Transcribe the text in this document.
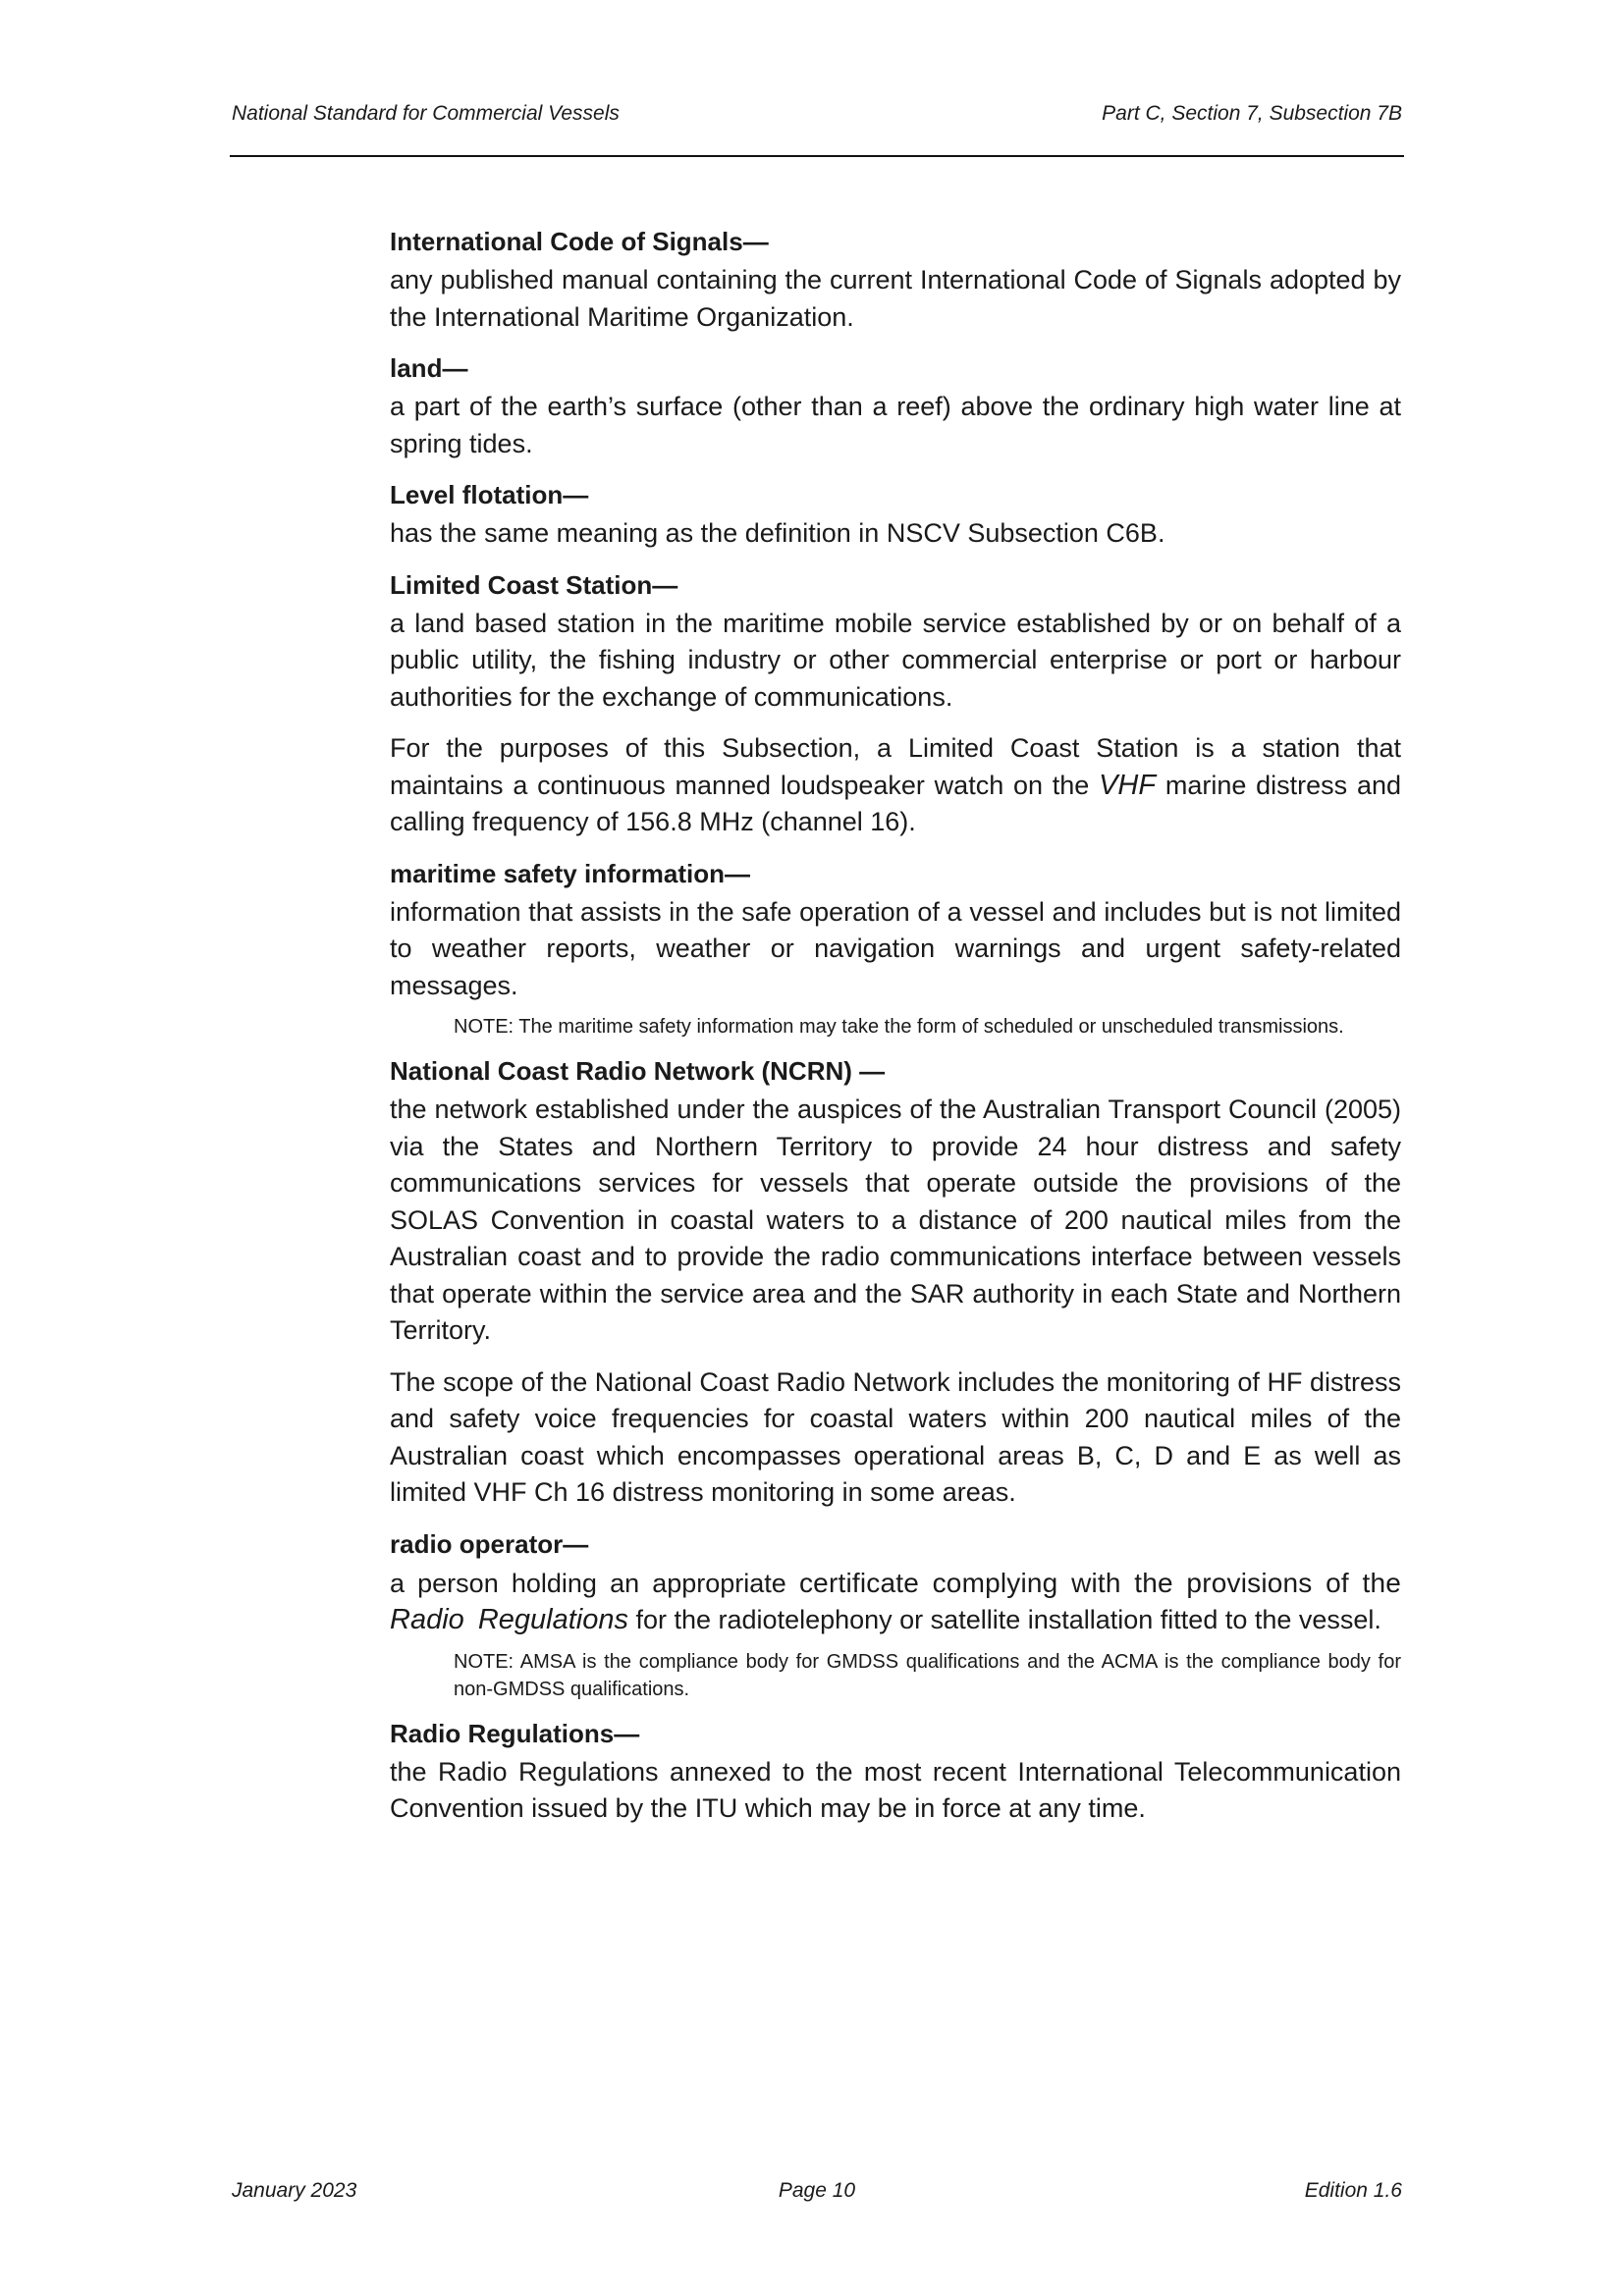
National Standard for Commercial Vessels	Part C, Section 7, Subsection 7B
International Code of Signals—

any published manual containing the current International Code of Signals adopted by the International Maritime Organization.

land—

a part of the earth’s surface (other than a reef) above the ordinary high water line at spring tides.

Level flotation—

has the same meaning as the definition in NSCV Subsection C6B.

Limited Coast Station—

a land based station in the maritime mobile service established by or on behalf of a public utility, the fishing industry or other commercial enterprise or port or harbour authorities for the exchange of communications.

For the purposes of this Subsection, a Limited Coast Station is a station that maintains a continuous manned loudspeaker watch on the VHF marine distress and calling frequency of 156.8 MHz (channel 16).

maritime safety information—

information that assists in the safe operation of a vessel and includes but is not limited to weather reports, weather or navigation warnings and urgent safety-related messages.

NOTE: The maritime safety information may take the form of scheduled or unscheduled transmissions.

National Coast Radio Network (NCRN) —

the network established under the auspices of the Australian Transport Council (2005) via the States and Northern Territory to provide 24 hour distress and safety communications services for vessels that operate outside the provisions of the SOLAS Convention in coastal waters to a distance of 200 nautical miles from the Australian coast and to provide the radio communications interface between vessels that operate within the service area and the SAR authority in each State and Northern Territory.

The scope of the National Coast Radio Network includes the monitoring of HF distress and safety voice frequencies for coastal waters within 200 nautical miles of the Australian coast which encompasses operational areas B, C, D and E as well as limited VHF Ch 16 distress monitoring in some areas.

radio operator—

a person holding an appropriate certificate complying with the provisions of the Radio Regulations for the radiotelephony or satellite installation fitted to the vessel.

NOTE: AMSA is the compliance body for GMDSS qualifications and the ACMA is the compliance body for non-GMDSS qualifications.

Radio Regulations—

the Radio Regulations annexed to the most recent International Telecommunication Convention issued by the ITU which may be in force at any time.

January 2023	Page 10	Edition 1.6
